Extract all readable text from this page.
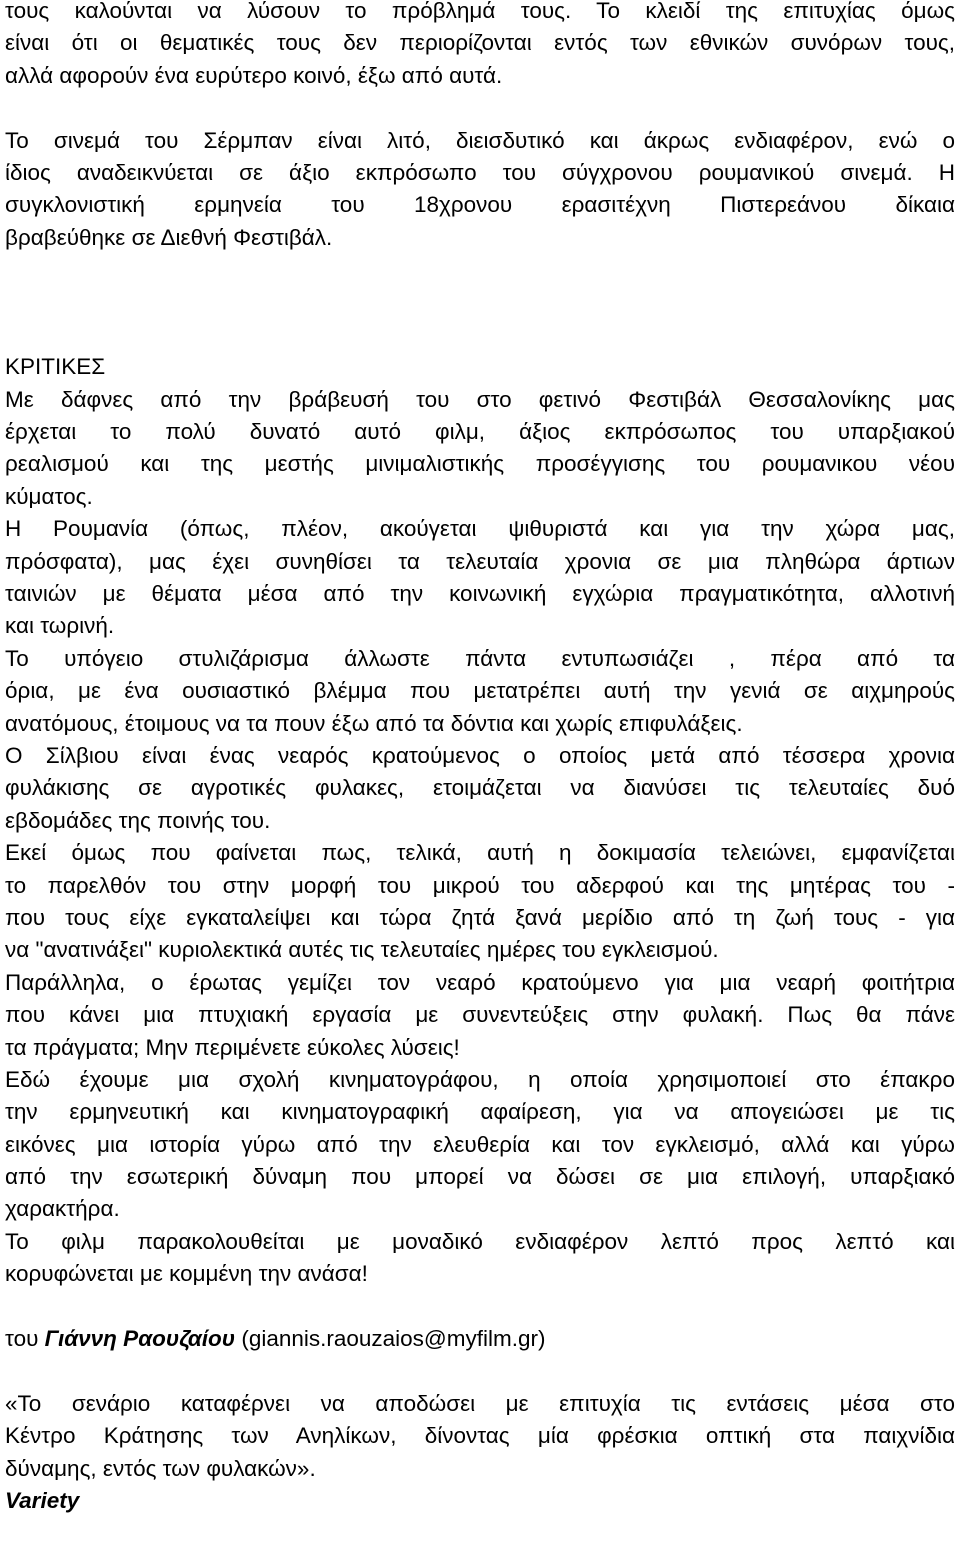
τους καλούνται να λύσουν το πρόβλημά τους. Το κλειδί της επιτυχίας όμως
είναι ότι οι θεματικές τους δεν περιορίζονται εντός των εθνικών συνόρων τους,
αλλά αφορούν ένα ευρύτερο κοινό, έξω από αυτά.
Το σινεμά του Σέρμπαν είναι λιτό, διεισδυτικό και άκρως ενδιαφέρον, ενώ ο
ίδιος αναδεικνύεται σε άξιο εκπρόσωπο του σύγχρονου ρουμανικού σινεμά. Η
συγκλονιστική ερμηνεία του 18χρονου ερασιτέχνη Πιστερεάνου δίκαια
βραβεύθηκε σε Διεθνή Φεστιβάλ.
ΚΡΙΤΙΚΕΣ
Με δάφνες από την βράβευσή του στο φετινό Φεστιβάλ Θεσσαλονίκης μας
έρχεται το πολύ δυνατό αυτό φιλμ, άξιος εκπρόσωπος του υπαρξιακού
ρεαλισμού και της μεστής μινιμαλιστικής προσέγγισης του ρουμανικου νέου
κύματος.
Η Ρουμανία (όπως, πλέον, ακούγεται ψιθυριστά και για την χώρα μας,
πρόσφατα), μας έχει συνηθίσει τα τελευταία χρονια σε μια πληθώρα άρτιων
ταινιών με θέματα μέσα από την κοινωνική εγχώρια πραγματικότητα, αλλοτινή
και τωρινή.
Το υπόγειο στυλιζάρισμα άλλωστε πάντα εντυπωσιάζει , πέρα από τα
όρια, με ένα ουσιαστικό βλέμμα που μετατρέπει αυτή την γενιά σε αιχμηρούς
ανατόμους, έτοιμους να τα πουν έξω από τα δόντια και χωρίς επιφυλάξεις.
Ο Σίλβιου είναι ένας νεαρός κρατούμενος ο οποίος μετά από τέσσερα χρονια
φυλάκισης σε αγροτικές φυλακες, ετοιμάζεται να διανύσει τις τελευταίες δυό
εβδομάδες της ποινής του.
Εκεί όμως που φαίνεται πως, τελικά, αυτή η δοκιμασία τελειώνει, εμφανίζεται
το παρελθόν του στην μορφή του μικρού του αδερφού και της μητέρας του -
που τους είχε εγκαταλείψει και τώρα ζητά ξανά μερίδιο από τη ζωή τους - για
να "ανατινάξει" κυριολεκτικά αυτές τις τελευταίες ημέρες του εγκλεισμού.
Παράλληλα, ο έρωτας γεμίζει τον νεαρό κρατούμενο για μια νεαρή φοιτήτρια
που κάνει μια πτυχιακή εργασία με συνεντεύξεις στην φυλακή. Πως θα πάνε
τα πράγματα; Μην περιμένετε εύκολες λύσεις!
Εδώ έχουμε μια σχολή κινηματογράφου, η οποία χρησιμοποιεί στο έπακρο
την ερμηνευτική και κινηματογραφική αφαίρεση, για να απογειώσει με τις
εικόνες μια ιστορία γύρω από την ελευθερία και τον εγκλεισμό, αλλά και γύρω
από την εσωτερική δύναμη που μπορεί να δώσει σε μια επιλογή, υπαρξιακό
χαρακτήρα.
Το φιλμ παρακολουθείται με μοναδικό ενδιαφέρον λεπτό προς λεπτό και
κορυφώνεται με κομμένη την ανάσα!
του Γιάννη Ραουζαίου (giannis.raouzaios@myfilm.gr)
«Το σενάριο καταφέρνει να αποδώσει με επιτυχία τις εντάσεις μέσα στο
Κέντρο Κράτησης των Ανηλίκων, δίνοντας μία φρέσκια οπτική στα παιχνίδια
δύναμης, εντός των φυλακών».
Variety
